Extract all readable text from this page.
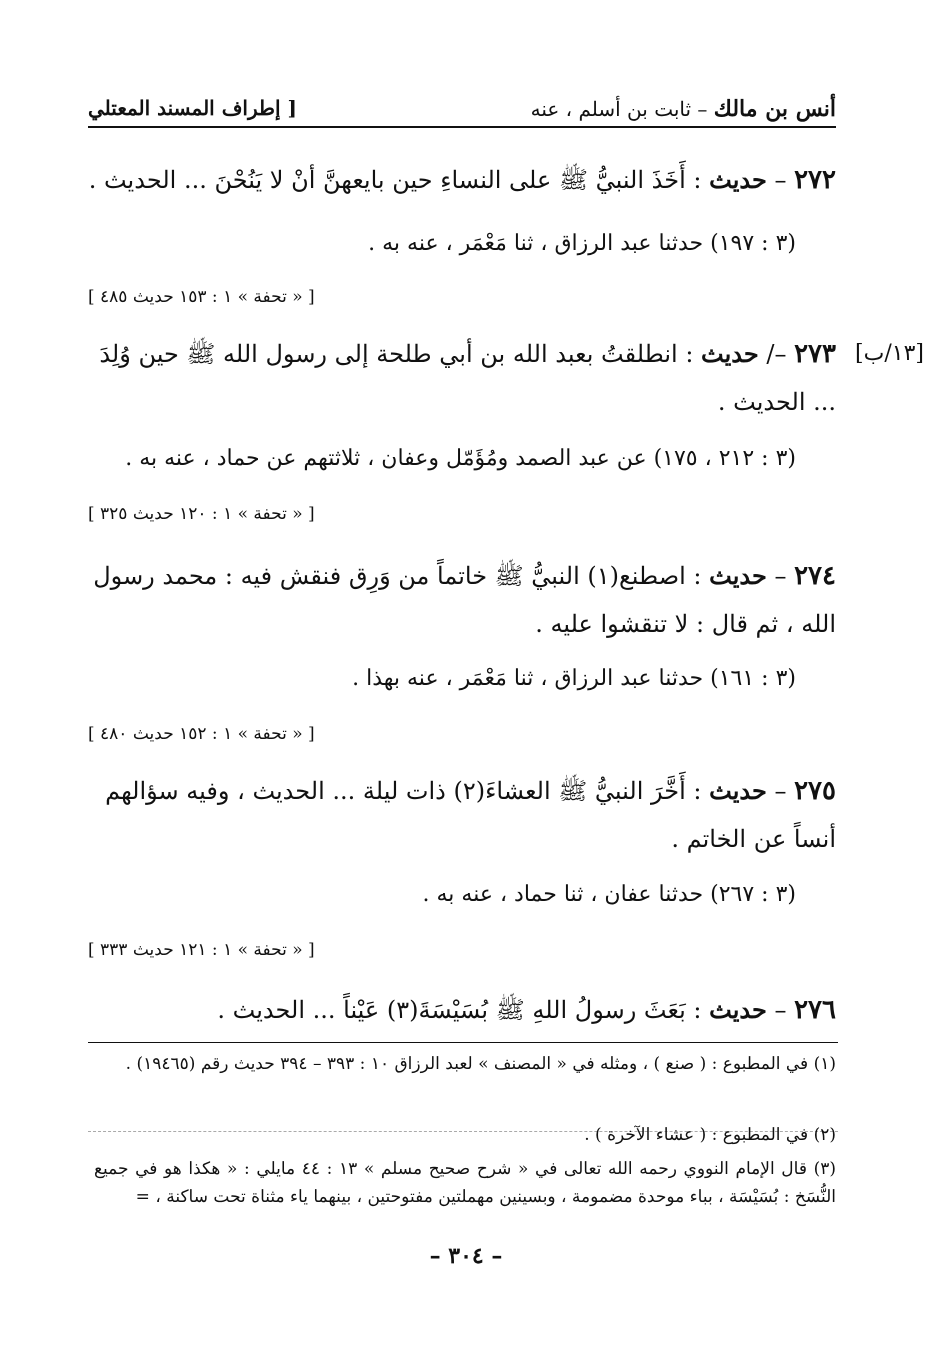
أنس بن مالك – ثابت بن أسلم ، عنه
[ إطراف المسند المعتلي
٢٧٢ – حديث : أَخَذَ النبيُّ ﷺ على النساءِ حين بايعهنَّ أنْ لا يَنُحْنَ ... الحديث .
(٣ : ١٩٧) حدثنا عبد الرزاق ، ثنا مَعْمَر ، عنه به .
[ « تحفة » ١ : ١٥٣ حديث ٤٨٥ ]
[١٣/ب]
٢٧٣ –/ حديث : انطلقتُ بعبد الله بن أبي طلحة إلى رسول الله ﷺ حين وُلِدَ ... الحديث .
(٣ : ٢١٢ ، ١٧٥) عن عبد الصمد ومُؤَمّل وعفان ، ثلاثتهم عن حماد ، عنه به .
[ « تحفة » ١ : ١٢٠ حديث ٣٢٥ ]
٢٧٤ – حديث : اصطنع(١) النبيُّ ﷺ خاتماً من وَرِق فنقش فيه : محمد رسول الله ، ثم قال : لا تنقشوا عليه .
(٣ : ١٦١) حدثنا عبد الرزاق ، ثنا مَعْمَر ، عنه بهذا .
[ « تحفة » ١ : ١٥٢ حديث ٤٨٠ ]
٢٧٥ – حديث : أَخَّرَ النبيُّ ﷺ العشاءَ(٢) ذات ليلة ... الحديث ، وفيه سؤالهم أنساً عن الخاتم .
(٣ : ٢٦٧) حدثنا عفان ، ثنا حماد ، عنه به .
[ « تحفة » ١ : ١٢١ حديث ٣٣٣ ]
٢٧٦ – حديث : بَعَثَ رسولُ اللهِ ﷺ بُسَيْسَةَ(٣) عَيْناً ... الحديث .
(١) في المطبوع : ( صنع ) ، ومثله في « المصنف » لعبد الرزاق ١٠ : ٣٩٣ – ٣٩٤ حديث رقم (١٩٤٦٥) .
(٢) في المطبوع : ( عشاء الآخرة ) .
(٣) قال الإمام النووي رحمه الله تعالى في « شرح صحيح مسلم » ١٣ : ٤٤ مايلي : « هكذا هو في جميع النُّسَخ : بُسَيْسَة ، بباء موحدة مضمومة ، وبسينين مهملتين مفتوحتين ، بينهما ياء مثناة تحت ساكنة ، =
– ٣٠٤ –
